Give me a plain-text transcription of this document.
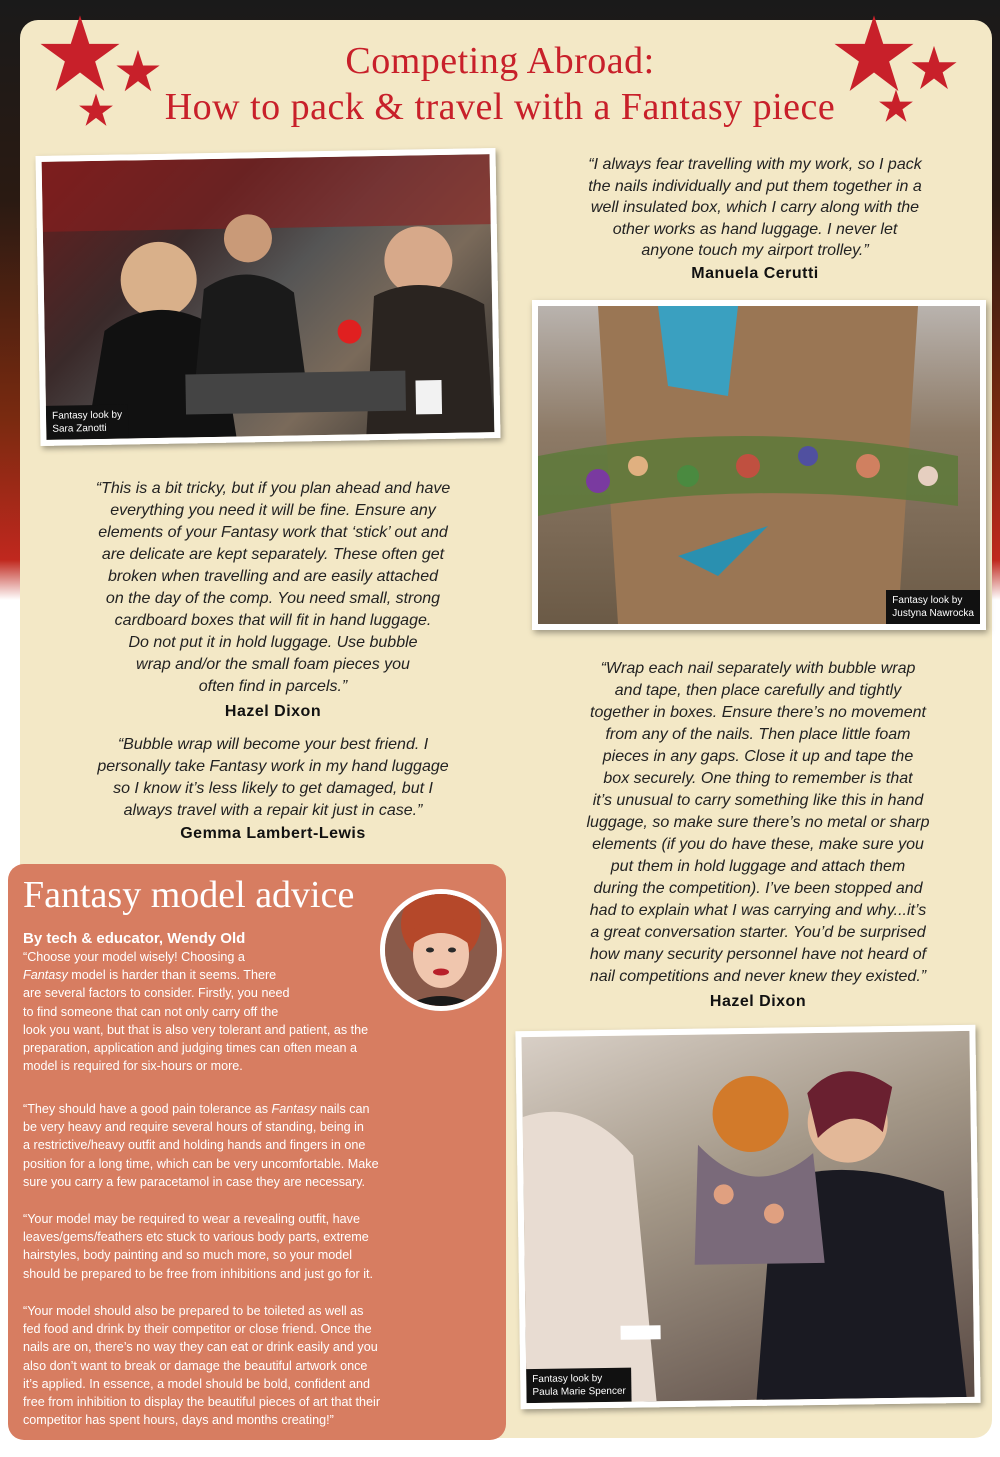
Competing Abroad:
How to pack & travel with a Fantasy piece
Fantasy look by
Sara Zanotti
Fantasy look by
Justyna Nawrocka
Fantasy look by
Paula Marie Spencer
“I always fear travelling with my work, so I pack
the nails individually and put them together in a
well insulated box, which I carry along with the
other works as hand luggage. I never let
anyone touch my airport trolley.”
Manuela Cerutti
“This is a bit tricky, but if you plan ahead and have
everything you need it will be fine. Ensure any
elements of your Fantasy work that ‘stick’ out and
are delicate are kept separately. These often get
broken when travelling and are easily attached
on the day of the comp. You need small, strong
cardboard boxes that will fit in hand luggage.
Do not put it in hold luggage. Use bubble
wrap and/or the small foam pieces you
often find in parcels.”
Hazel Dixon
“Bubble wrap will become your best friend. I
personally take Fantasy work in my hand luggage
so I know it’s less likely to get damaged, but I
always travel with a repair kit just in case.”
Gemma Lambert-Lewis
“Wrap each nail separately with bubble wrap
and tape, then place carefully and tightly
together in boxes. Ensure there’s no movement
from any of the nails. Then place little foam
pieces in any gaps. Close it up and tape the
box securely. One thing to remember is that
it’s unusual to carry something like this in hand
luggage, so make sure there’s no metal or sharp
elements (if you do have these, make sure you
put them in hold luggage and attach them
during the competition). I’ve been stopped and
had to explain what I was carrying and why...it’s
a great conversation starter. You’d be surprised
how many security personnel have not heard of
nail competitions and never knew they existed.”
Hazel Dixon
Fantasy model advice
By tech & educator, Wendy Old
“Choose your model wisely! Choosing a
Fantasy model is harder than it seems. There
are several factors to consider. Firstly, you need
to find someone that can not only carry off the
look you want, but that is also very tolerant and patient, as the
preparation, application and judging times can often mean a
model is required for six-hours or more.
“They should have a good pain tolerance as Fantasy nails can
be very heavy and require several hours of standing, being in
a restrictive/heavy outfit and holding hands and fingers in one
position for a long time, which can be very uncomfortable. Make
sure you carry a few paracetamol in case they are necessary.
“Your model may be required to wear a revealing outfit, have
leaves/gems/feathers etc stuck to various body parts, extreme
hairstyles, body painting and so much more, so your model
should be prepared to be free from inhibitions and just go for it.
“Your model should also be prepared to be toileted as well as
fed food and drink by their competitor or close friend. Once the
nails are on, there’s no way they can eat or drink easily and you
also don’t want to break or damage the beautiful artwork once
it’s applied. In essence, a model should be bold, confident and
free from inhibition to display the beautiful pieces of art that their
competitor has spent hours, days and months creating!”
